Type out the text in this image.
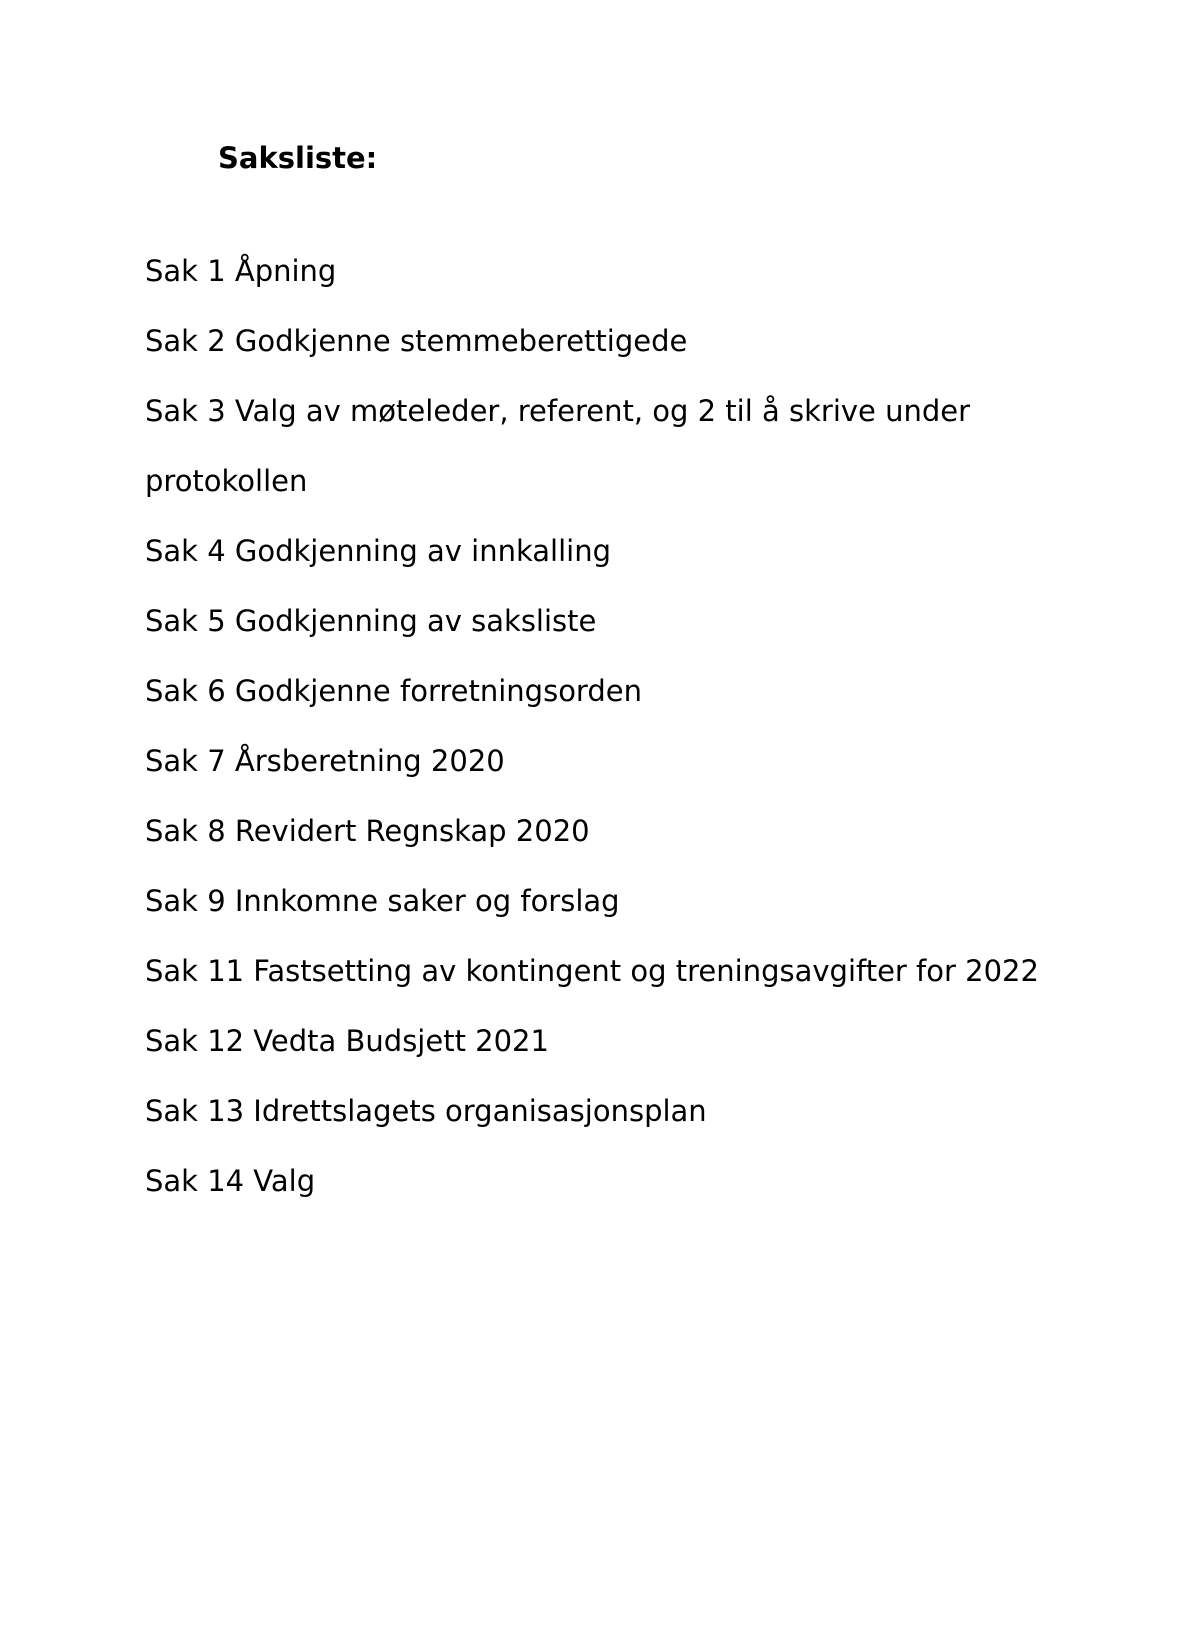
Saksliste:
Sak 1 Åpning
Sak 2 Godkjenne stemmeberettigede
Sak 3 Valg av møteleder, referent, og 2 til å skrive under
protokollen
Sak 4 Godkjenning av innkalling
Sak 5 Godkjenning av saksliste
Sak 6 Godkjenne forretningsorden
Sak 7 Årsberetning 2020
Sak 8 Revidert Regnskap 2020
Sak 9 Innkomne saker og forslag
Sak 11 Fastsetting av kontingent og treningsavgifter for 2022
Sak 12 Vedta Budsjett 2021
Sak 13 Idrettslagets organisasjonsplan
Sak 14 Valg
